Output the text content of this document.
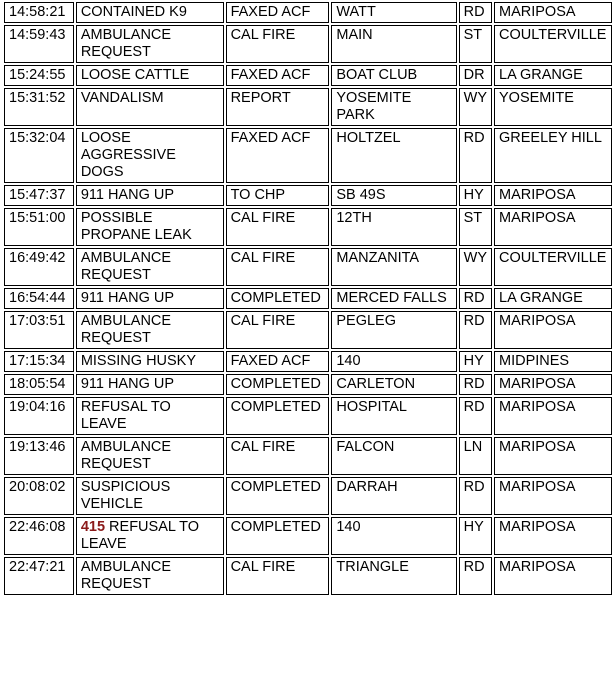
14:58:21	CONTAINED K9	FAXED ACF	WATT	RD	MARIPOSA
14:59:43	AMBULANCE REQUEST	CAL FIRE	MAIN	ST	COULTERVILLE
15:24:55	LOOSE CATTLE	FAXED ACF	BOAT CLUB	DR	LA GRANGE
15:31:52	VANDALISM	REPORT	YOSEMITE PARK	WY	YOSEMITE
15:32:04	LOOSE AGGRESSIVE DOGS	FAXED ACF	HOLTZEL	RD	GREELEY HILL
15:47:37	911 HANG UP	TO CHP	SB 49S	HY	MARIPOSA
15:51:00	POSSIBLE PROPANE LEAK	CAL FIRE	12TH	ST	MARIPOSA
16:49:42	AMBULANCE REQUEST	CAL FIRE	MANZANITA	WY	COULTERVILLE
16:54:44	911 HANG UP	COMPLETED	MERCED FALLS	RD	LA GRANGE
17:03:51	AMBULANCE REQUEST	CAL FIRE	PEGLEG	RD	MARIPOSA
17:15:34	MISSING HUSKY	FAXED ACF	140	HY	MIDPINES
18:05:54	911 HANG UP	COMPLETED	CARLETON	RD	MARIPOSA
19:04:16	REFUSAL TO LEAVE	COMPLETED	HOSPITAL	RD	MARIPOSA
19:13:46	AMBULANCE REQUEST	CAL FIRE	FALCON	LN	MARIPOSA
20:08:02	SUSPICIOUS VEHICLE	COMPLETED	DARRAH	RD	MARIPOSA
22:46:08	415 REFUSAL TO LEAVE	COMPLETED	140	HY	MARIPOSA
22:47:21	AMBULANCE REQUEST	CAL FIRE	TRIANGLE	RD	MARIPOSA
